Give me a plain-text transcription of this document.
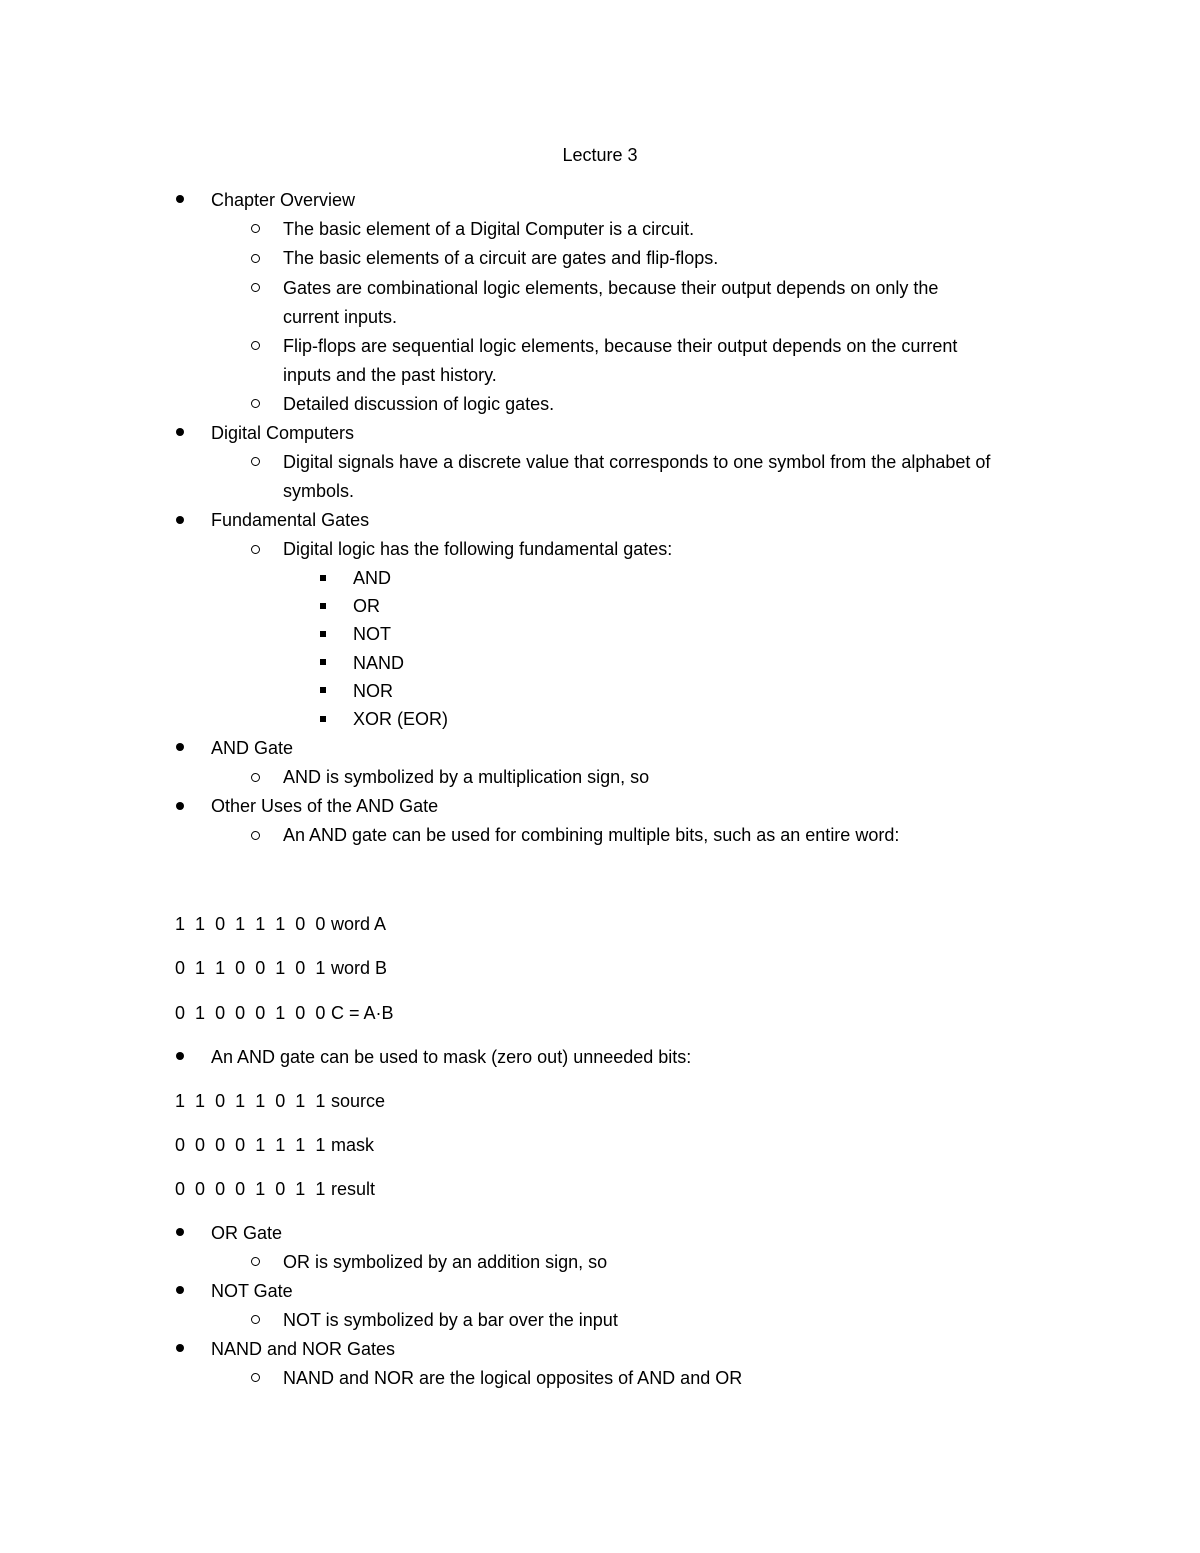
Lecture 3
Chapter Overview
The basic element of a Digital Computer is a circuit.
The basic elements of a circuit are gates and flip-flops.
Gates are combinational logic elements, because their output depends on only the
current inputs.
Flip-flops are sequential logic elements, because their output depends on the current
inputs and the past history.
Detailed discussion of logic gates.
Digital Computers
Digital signals have a discrete value that corresponds to one symbol from the alphabet of
symbols.
Fundamental Gates
Digital logic has the following fundamental gates:
AND
OR
NOT
NAND
NOR
XOR (EOR)
AND Gate
AND is symbolized by a multiplication sign, so
Other Uses of the AND Gate
An AND gate can be used for combining multiple bits, such as an entire word:
1 1 0 1 1 1 0 0 word A
0 1 1 0 0 1 0 1 word B
0 1 0 0 0 1 0 0 C = A·B
An AND gate can be used to mask (zero out) unneeded bits:
1 1 0 1 1 0 1 1 source
0 0 0 0 1 1 1 1 mask
0 0 0 0 1 0 1 1 result
OR Gate
OR is symbolized by an addition sign, so
NOT Gate
NOT is symbolized by a bar over the input
NAND and NOR Gates
NAND and NOR are the logical opposites of AND and OR
